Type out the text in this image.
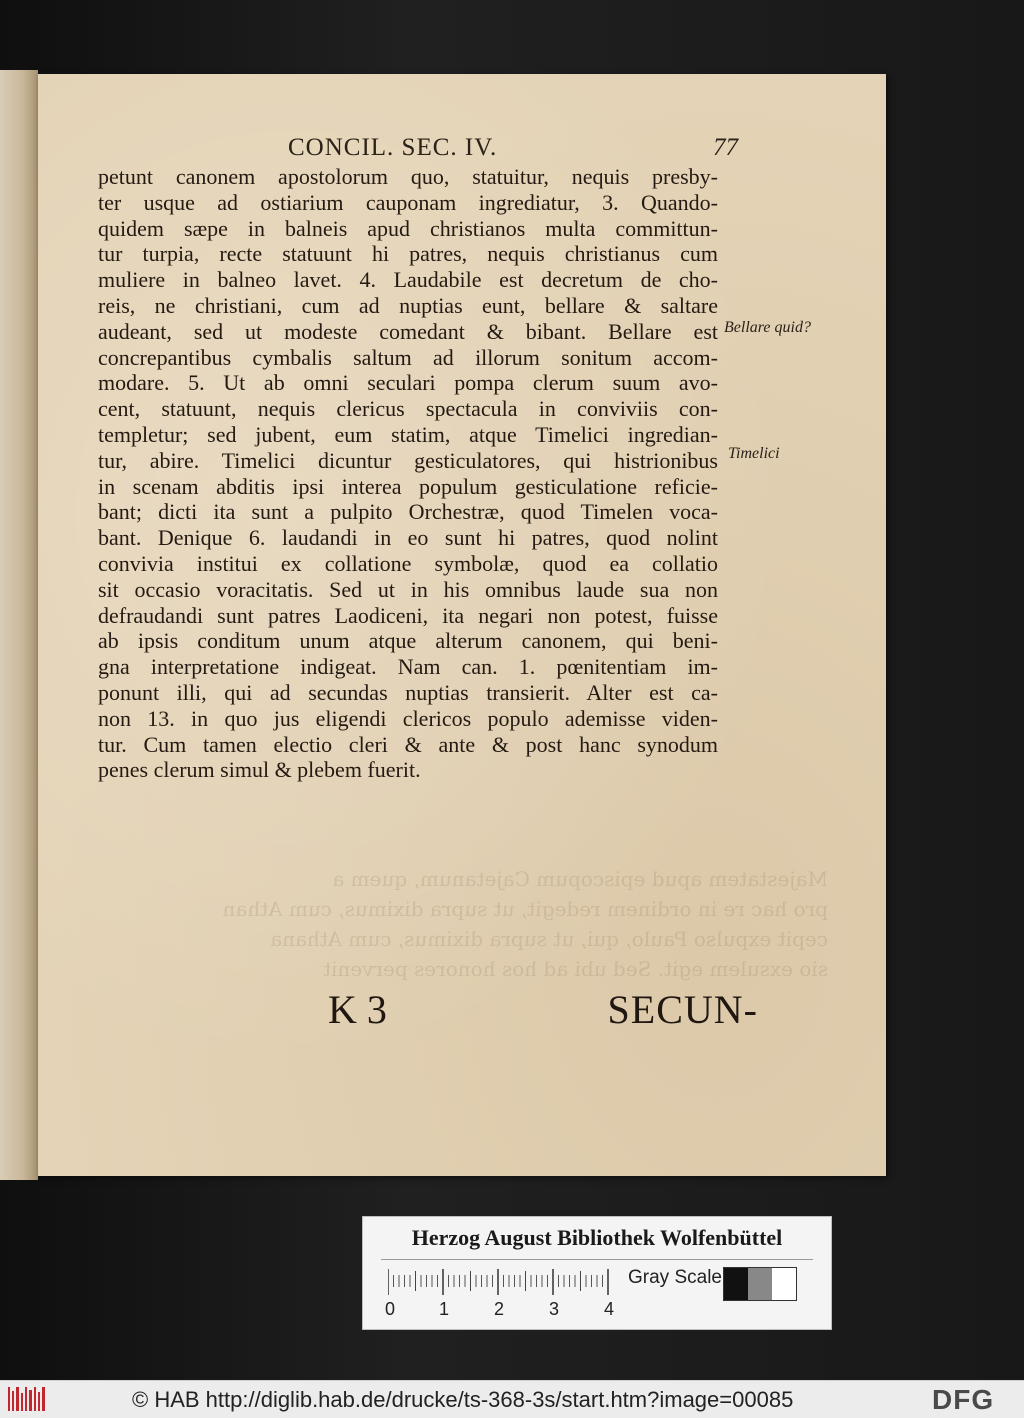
Majestatem apud episcopum Cajetanum, quem a
pro hac re in ordinem redegit, ut supra diximus, cum Athan
cepit expulso Paulo, qui, ut supra diximus, cum Athana
sio exsulem egit. Sed ubi ad hos honores pervenit

CONCIL. SEC. IV.	77
petunt canonem apostolorum quo, statuitur, nequis presby-
ter usque ad ostiarium cauponam ingrediatur, 3. Quando-
quidem sæpe in balneis apud christianos multa committun-
tur turpia, recte statuunt hi patres, nequis christianus cum
muliere in balneo lavet. 4. Laudabile est decretum de cho-
reis, ne christiani, cum ad nuptias eunt, bellare & saltare
audeant, sed ut modeste comedant & bibant. Bellare est
concrepantibus cymbalis saltum ad illorum sonitum accom-
modare. 5. Ut ab omni seculari pompa clerum suum avo-
cent, statuunt, nequis clericus spectacula in conviviis con-
templetur; sed jubent, eum statim, atque Timelici ingredian-
tur, abire. Timelici dicuntur gesticulatores, qui histrionibus
in scenam abditis ipsi interea populum gesticulatione reficie-
bant; dicti ita sunt a pulpito Orchestræ, quod Timelen voca-
bant. Denique 6. laudandi in eo sunt hi patres, quod nolint
convivia institui ex collatione symbolæ, quod ea collatio
sit occasio voracitatis. Sed ut in his omnibus laude sua non
defraudandi sunt patres Laodiceni, ita negari non potest, fuisse
ab ipsis conditum unum atque alterum canonem, qui beni-
gna interpretatione indigeat. Nam can. 1. pœnitentiam im-
ponunt illi, qui ad secundas nuptias transierit. Alter est ca-
non 13. in quo jus eligendi clericos populo ademisse viden-
tur. Cum tamen electio cleri & ante & post hanc synodum
penes clerum simul & plebem fuerit.
Bellare quid?
Timelici
K 3	SECUN-
Herzog August Bibliothek Wolfenbüttel
0 1 2 3 4
Gray Scale
© HAB http://diglib.hab.de/drucke/ts-368-3s/start.htm?image=00085	DFG
